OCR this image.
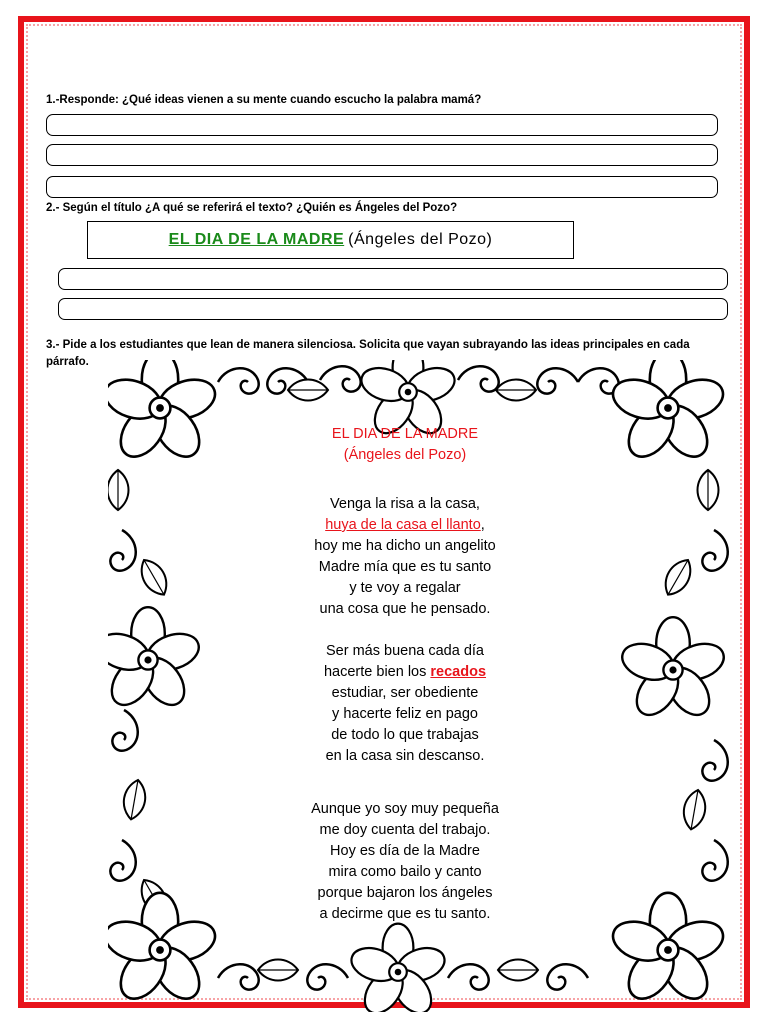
1.-Responde: ¿Qué ideas vienen a su mente cuando escucho la palabra mamá?
2.- Según el título ¿A qué se referirá el texto? ¿Quién es Ángeles del Pozo?
EL DIA DE LA MADRE (Ángeles del Pozo)
3.- Pide a los estudiantes que lean de manera silenciosa. Solicita que vayan subrayando las ideas principales en cada
párrafo.
EL DIA DE LA MADRE
(Ángeles del Pozo)
Venga la risa a la casa,
huya de la casa el llanto,
hoy me ha dicho un angelito
Madre mía que es tu santo
y te voy a regalar
una cosa que he pensado.
Ser más buena cada día
hacerte bien los recados
estudiar, ser obediente
y hacerte feliz en pago
de todo lo que trabajas
en la casa sin descanso.
Aunque yo soy muy pequeña
me doy cuenta del trabajo.
Hoy es día de la Madre
mira como bailo y canto
porque bajaron los ángeles
a decirme que es tu santo.
